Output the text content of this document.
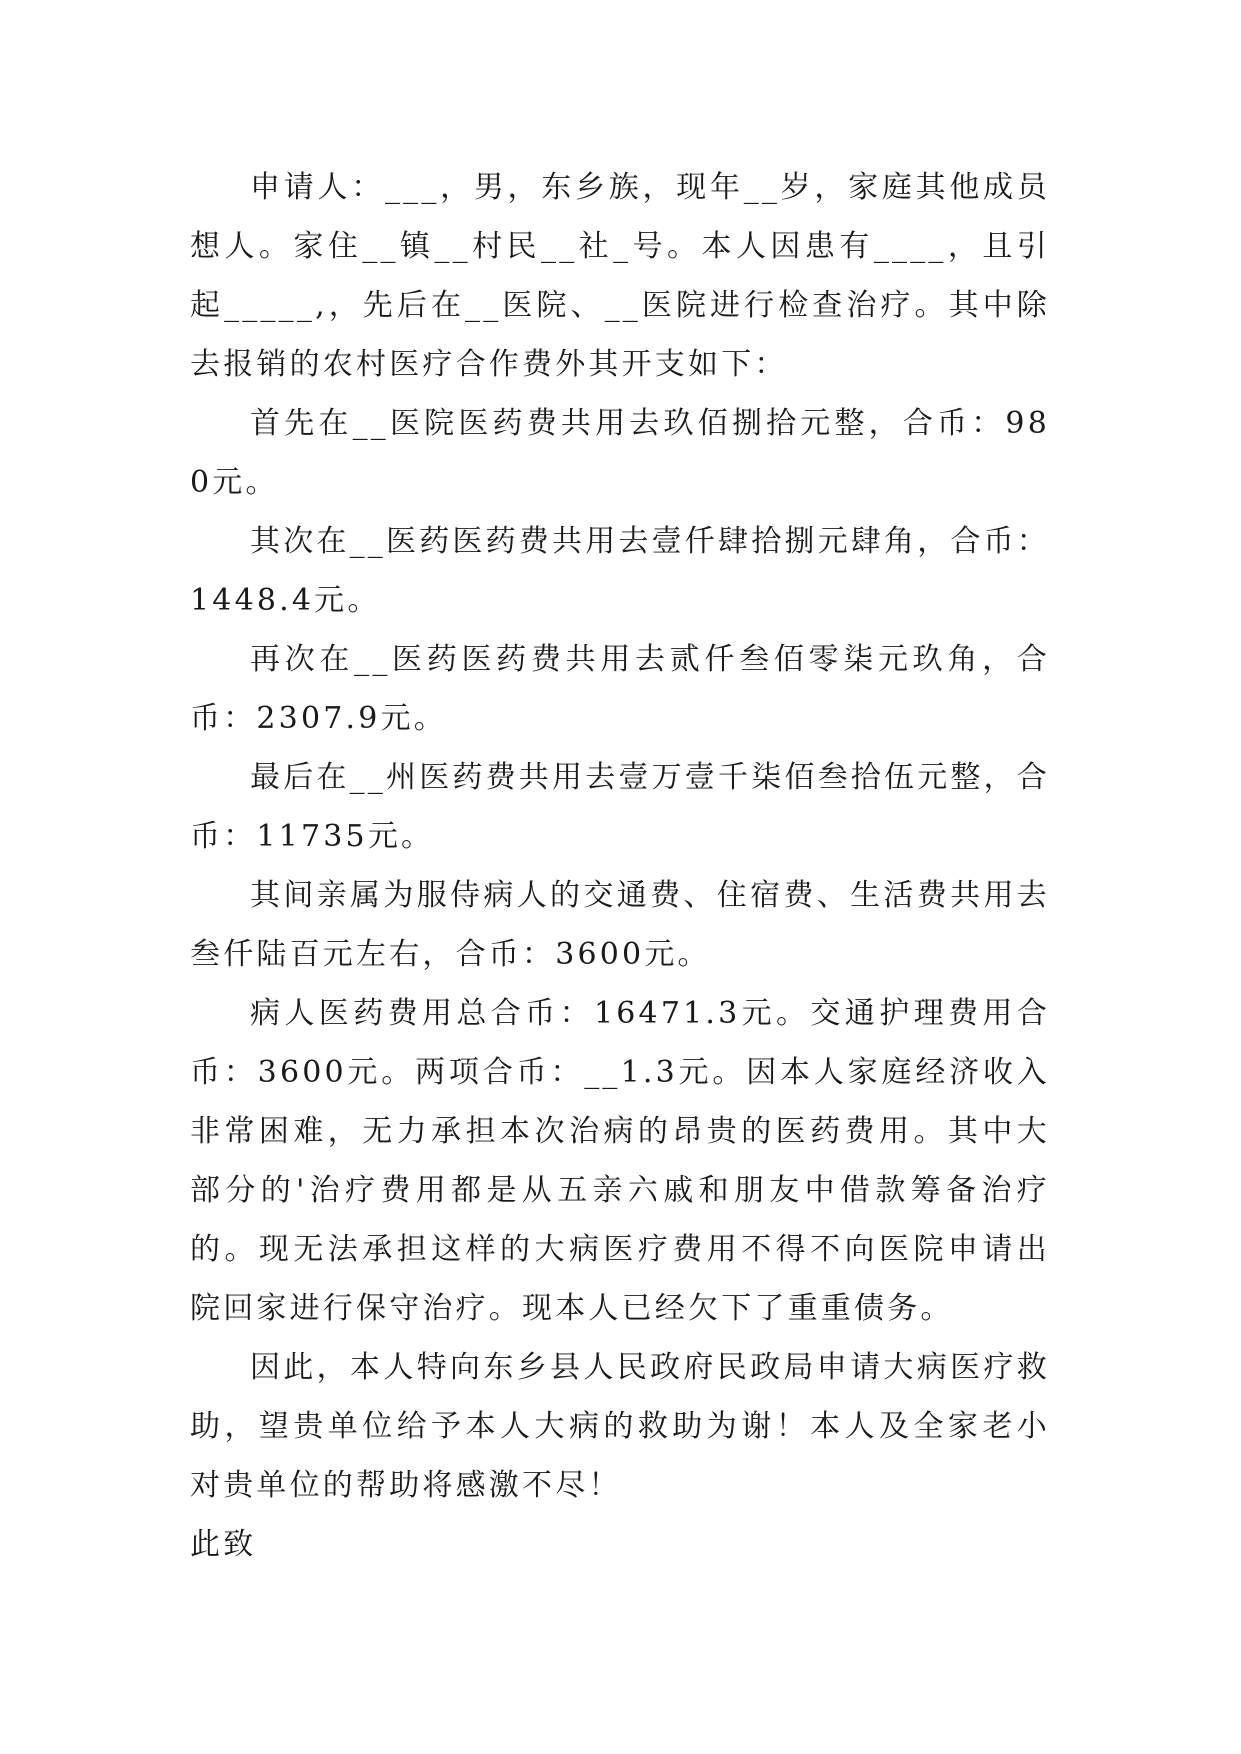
申请人：___，男，东乡族，现年__岁，家庭其他成员想人。家住__镇__村民__社_号。本人因患有____，且引起_____,，先后在__医院、__医院进行检查治疗。其中除去报销的农村医疗合作费外其开支如下：

首先在__医院医药费共用去玖佰捌拾元整，合币：980元。

其次在__医药医药费共用去壹仟肆拾捌元肆角，合币：1448.4元。

再次在__医药医药费共用去贰仟叁佰零柒元玖角，合币：2307.9元。

最后在__州医药费共用去壹万壹千柒佰叁拾伍元整，合币：11735元。

其间亲属为服侍病人的交通费、住宿费、生活费共用去叁仟陆百元左右，合币：3600元。

病人医药费用总合币：16471.3元。交通护理费用合币：3600元。两项合币：__1.3元。因本人家庭经济收入非常困难，无力承担本次治病的昂贵的医药费用。其中大部分的'治疗费用都是从五亲六戚和朋友中借款筹备治疗的。现无法承担这样的大病医疗费用不得不向医院申请出院回家进行保守治疗。现本人已经欠下了重重债务。

因此，本人特向东乡县人民政府民政局申请大病医疗救助，望贵单位给予本人大病的救助为谢！本人及全家老小对贵单位的帮助将感激不尽！

此致
